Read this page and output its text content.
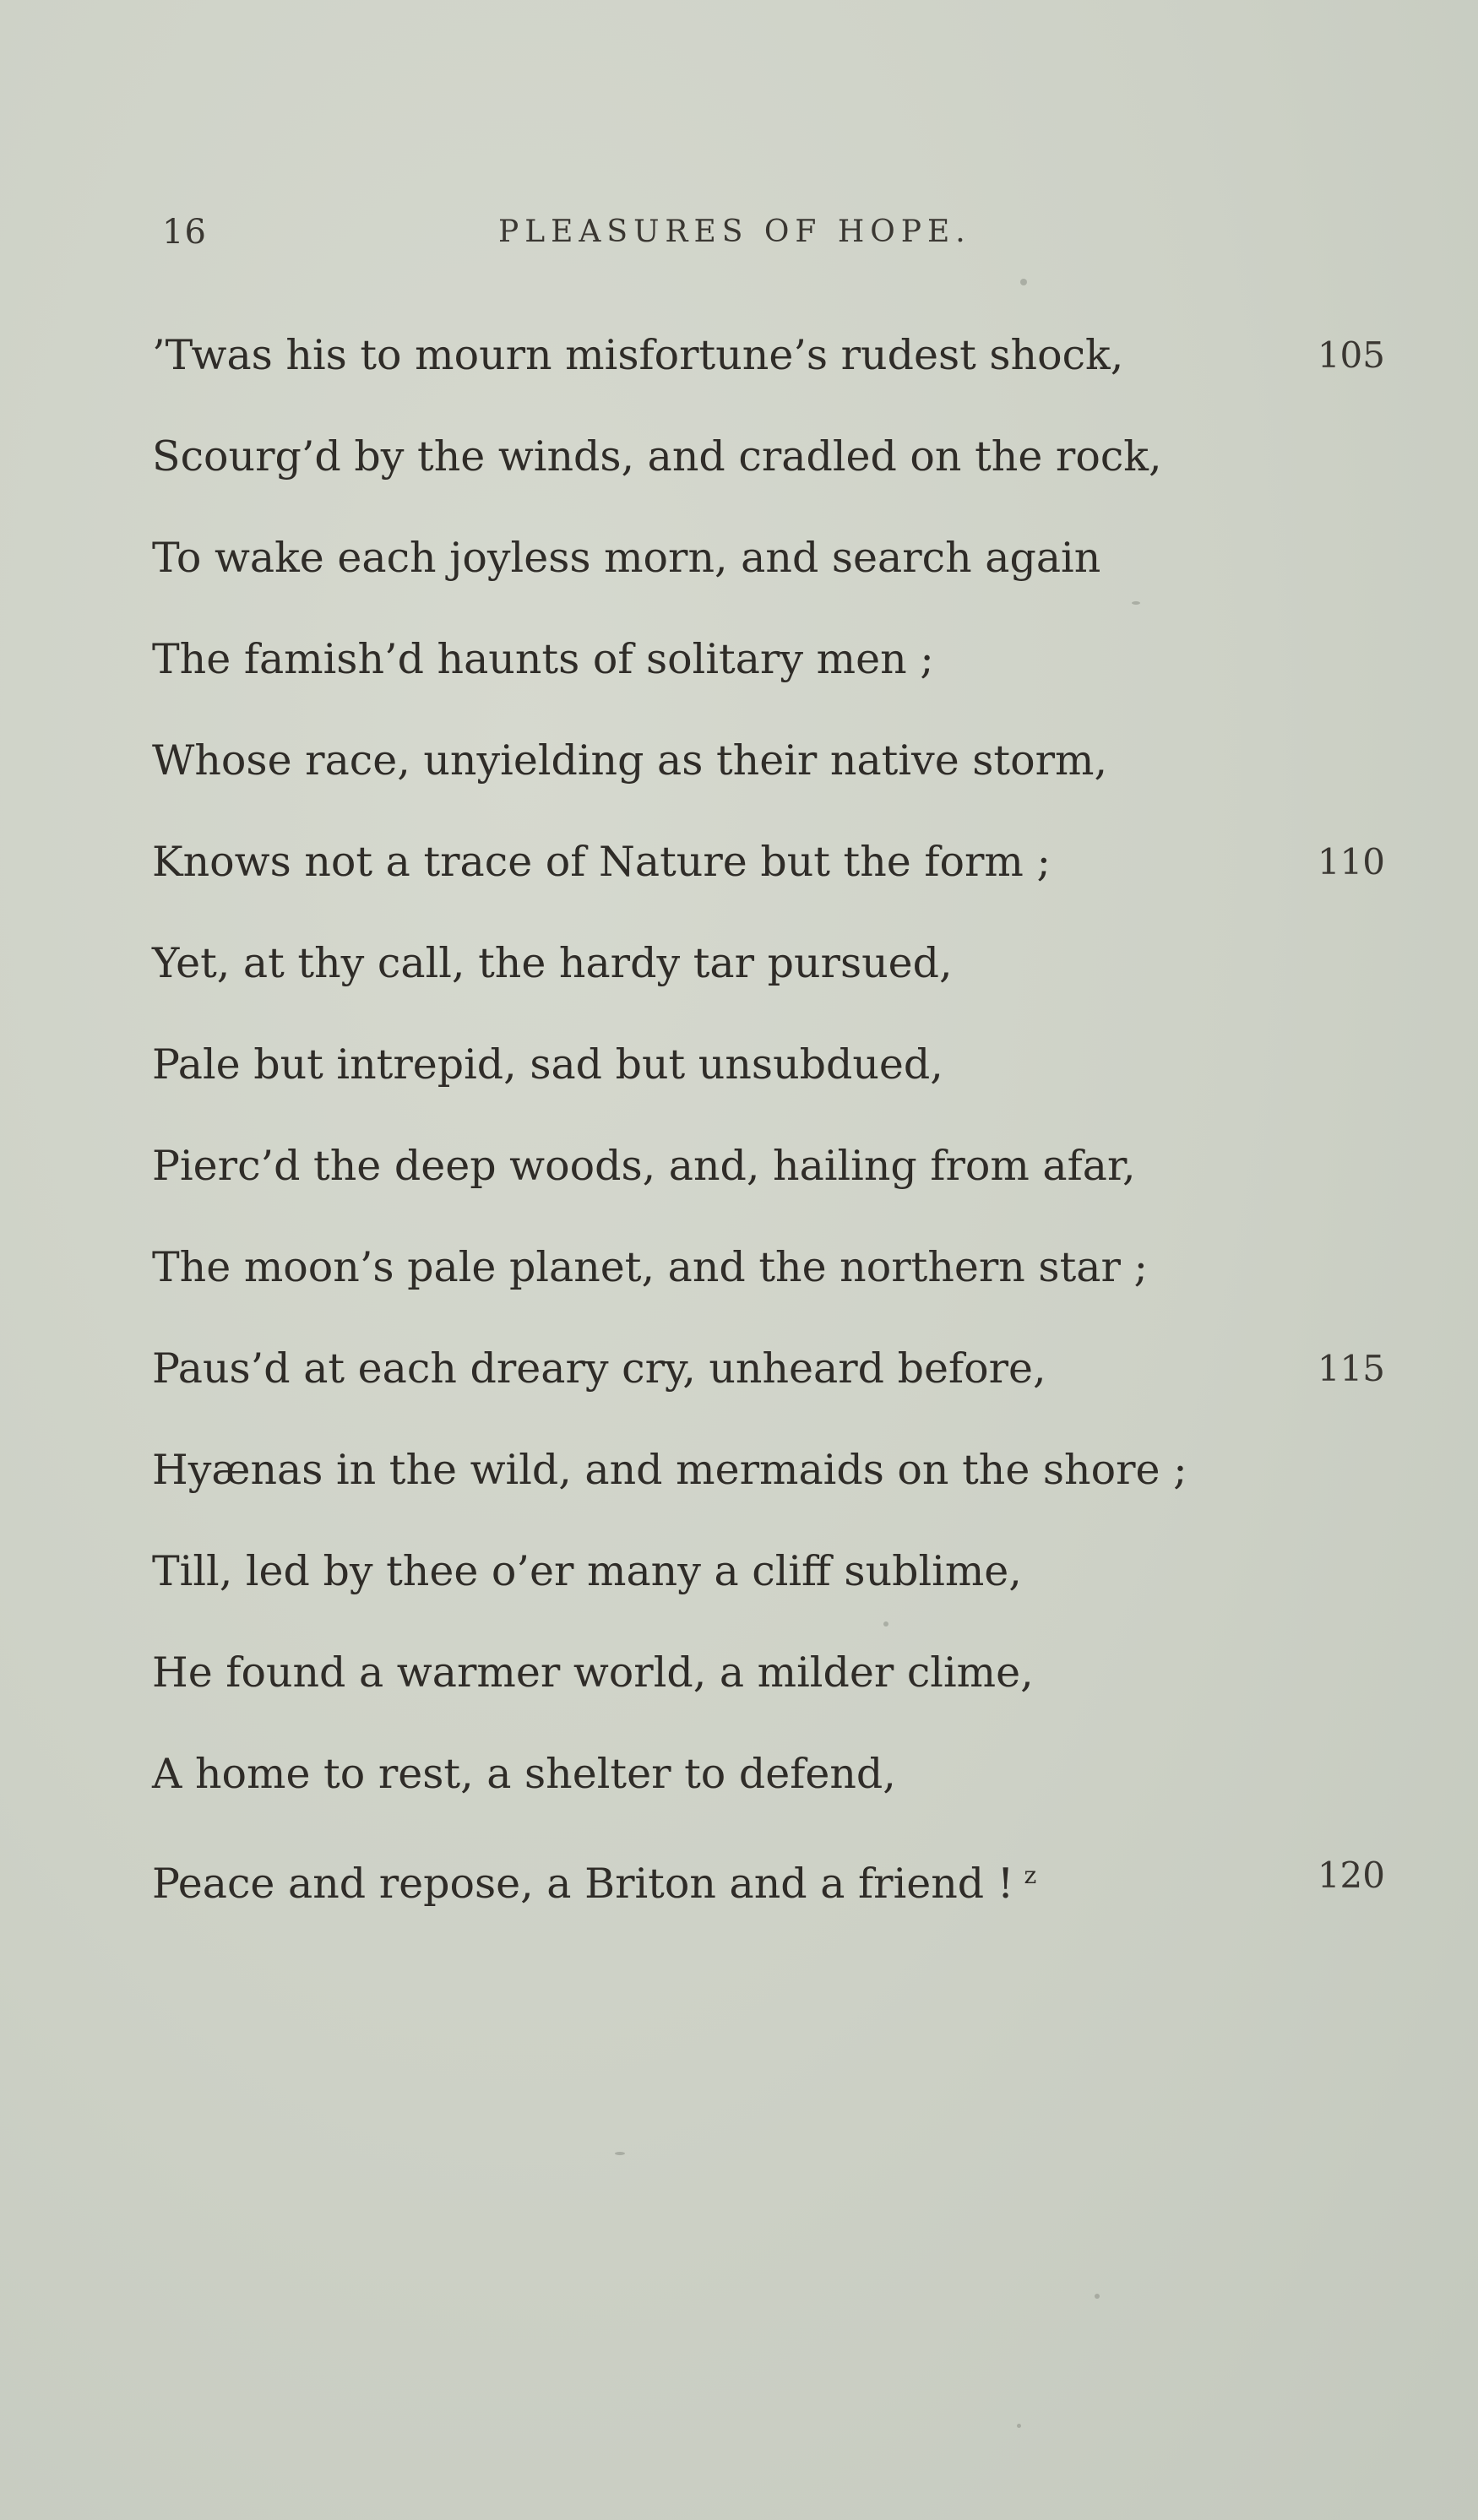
16	PLEASURES OF HOPE.
’Twas his to mourn misfortune’s rudest shock,	105
Scourg’d by the winds, and cradled on the rock,
To wake each joyless morn, and search again
The famish’d haunts of solitary men ;
Whose race, unyielding as their native storm,
Knows not a trace of Nature but the form ;	110
Yet, at thy call, the hardy tar pursued,
Pale but intrepid, sad but unsubdued,
Pierc’d the deep woods, and, hailing from afar,
The moon’s pale planet, and the northern star ;
Paus’d at each dreary cry, unheard before,	115
Hyænas in the wild, and mermaids on the shore ;
Till, led by thee o’er many a cliff sublime,
He found a warmer world, a milder clime,
A home to rest, a shelter to defend,
Peace and repose, a Briton and a friend ! $^z$	120
